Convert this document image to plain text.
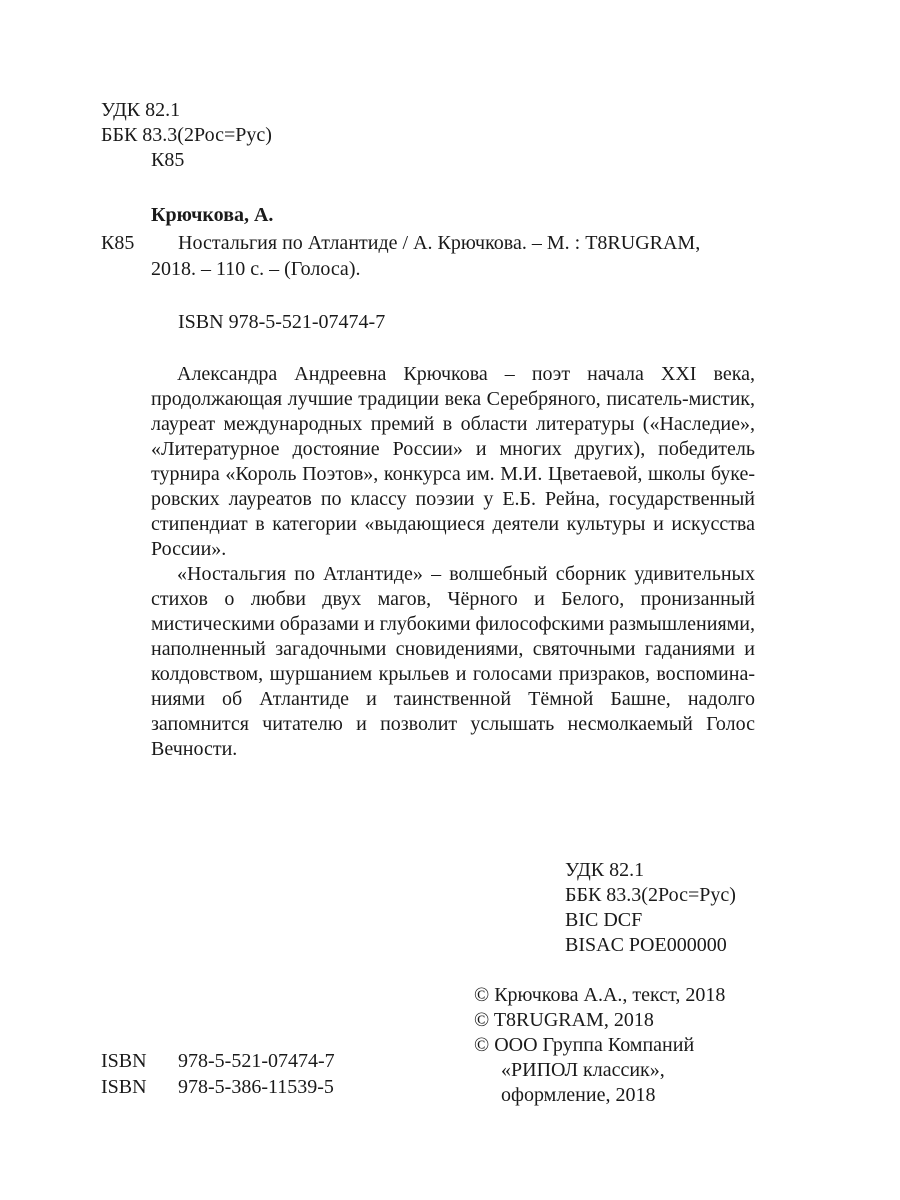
УДК 82.1
ББК 83.3(2Рос=Рус)
К85
Крючкова, А.
К85 Ностальгия по Атлантиде / А. Крючкова. – М. : Т8RUGRAM,
2018. – 110 с. – (Голоса).
ISBN 978-5-521-07474-7

Александра Андреевна Крючкова – поэт начала XXI века, продолжающая лучшие традиции века Серебряного, писатель-мистик, лауреат международных премий в области литературы («Наследие», «Литературное достояние России» и многих других), победитель турнира «Король Поэтов», конкурса им. М.И. Цветаевой, школы букеровских лауреатов по классу поэзии у Е.Б. Рейна, государственный стипендиат в категории «выдающиеся деятели культуры и искусства России».

«Ностальгия по Атлантиде» – волшебный сборник удивительных стихов о любви двух магов, Чёрного и Белого, пронизанный мистическими образами и глубокими философскими размышлениями, наполненный загадочными сновидениями, святочными гаданиями и колдовством, шуршанием крыльев и голосами призраков, воспоминаниями об Атлантиде и таинственной Тёмной Башне, надолго запомнится читателю и позволит услышать несмолкаемый Голос Вечности.

УДК 82.1
ББК 83.3(2Рос=Рус)
BIC DCF
BISAC POE000000
© Крючкова А.А., текст, 2018
© T8RUGRAM, 2018
© ООО Группа Компаний
«РИПОЛ классик»,
оформление, 2018
ISBN 978-5-521-07474-7
ISBN 978-5-386-11539-5
